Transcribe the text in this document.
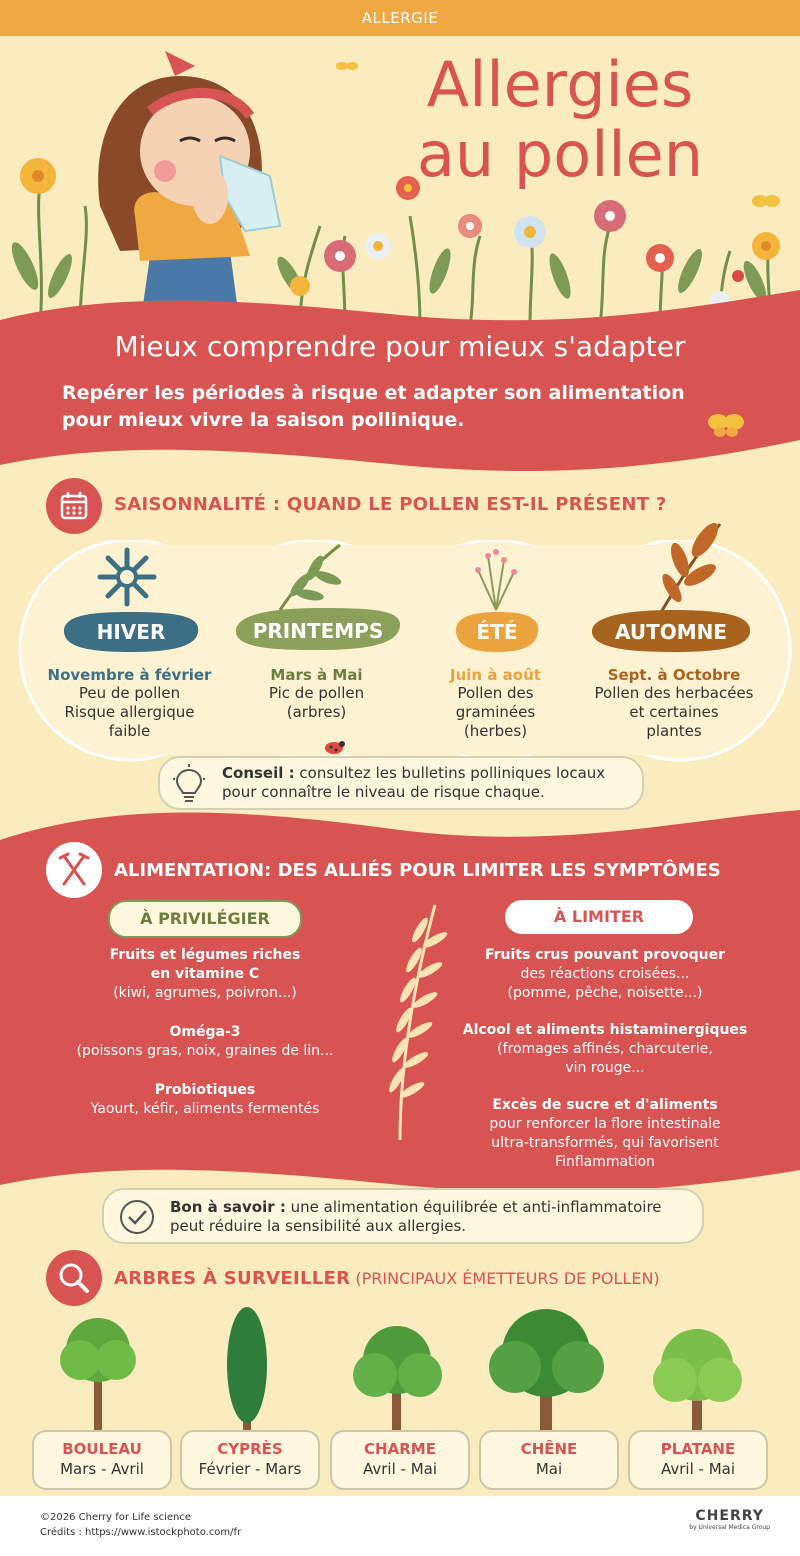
ALLERGIE
Allergies
au pollen
Mieux comprendre pour mieux s'adapter
Repérer les périodes à risque et adapter son alimentation
pour mieux vivre la saison pollinique.
SAISONNALITÉ : QUAND LE POLLEN EST-IL PRÉSENT ?
HIVER	PRINTEMPS	ÉTÉ	AUTOMNE
Novembre à février
Peu de pollen
Risque allergique
faible
Mars à Mai
Pic de pollen
(arbres)
Juin à août
Pollen des
graminées
(herbes)
Sept. à Octobre
Pollen des herbacées
et certaines
plantes
Conseil : consultez les bulletins polliniques locaux
pour connaître le niveau de risque chaque.
ALIMENTATION: DES ALLIÉS POUR LIMITER LES SYMPTÔMES
À PRIVILÉGIER	À LIMITER
Fruits et légumes riches
en vitamine C
(kiwi, agrumes, poivron...)
Oméga-3
(poissons gras, noix, graines de lin...
Probiotiques
Yaourt, kéfir, aliments fermentés
Fruits crus pouvant provoquer
des réactions croisées...
(pomme, pêche, noisette...)
Alcool et aliments histaminergiques
(fromages affinés, charcuterie,
vin rouge...
Excès de sucre et d'aliments
pour renforcer la flore intestinale
ultra-transformés, qui favorisent
Finflammation
Bon à savoir : une alimentation équilibrée et anti-inflammatoire
peut réduire la sensibilité aux allergies.
ARBRES À SURVEILLER (PRINCIPAUX ÉMETTEURS DE POLLEN)
BOULEAU
Mars - Avril
CYPRÈS
Février - Mars
CHARME
Avril - Mai
CHÊNE
Mai
PLATANE
Avril - Mai
©2026 Cherry for Life science
Crédits : https://www.istockphoto.com/fr
CHERRY
by Universal Medica Group
